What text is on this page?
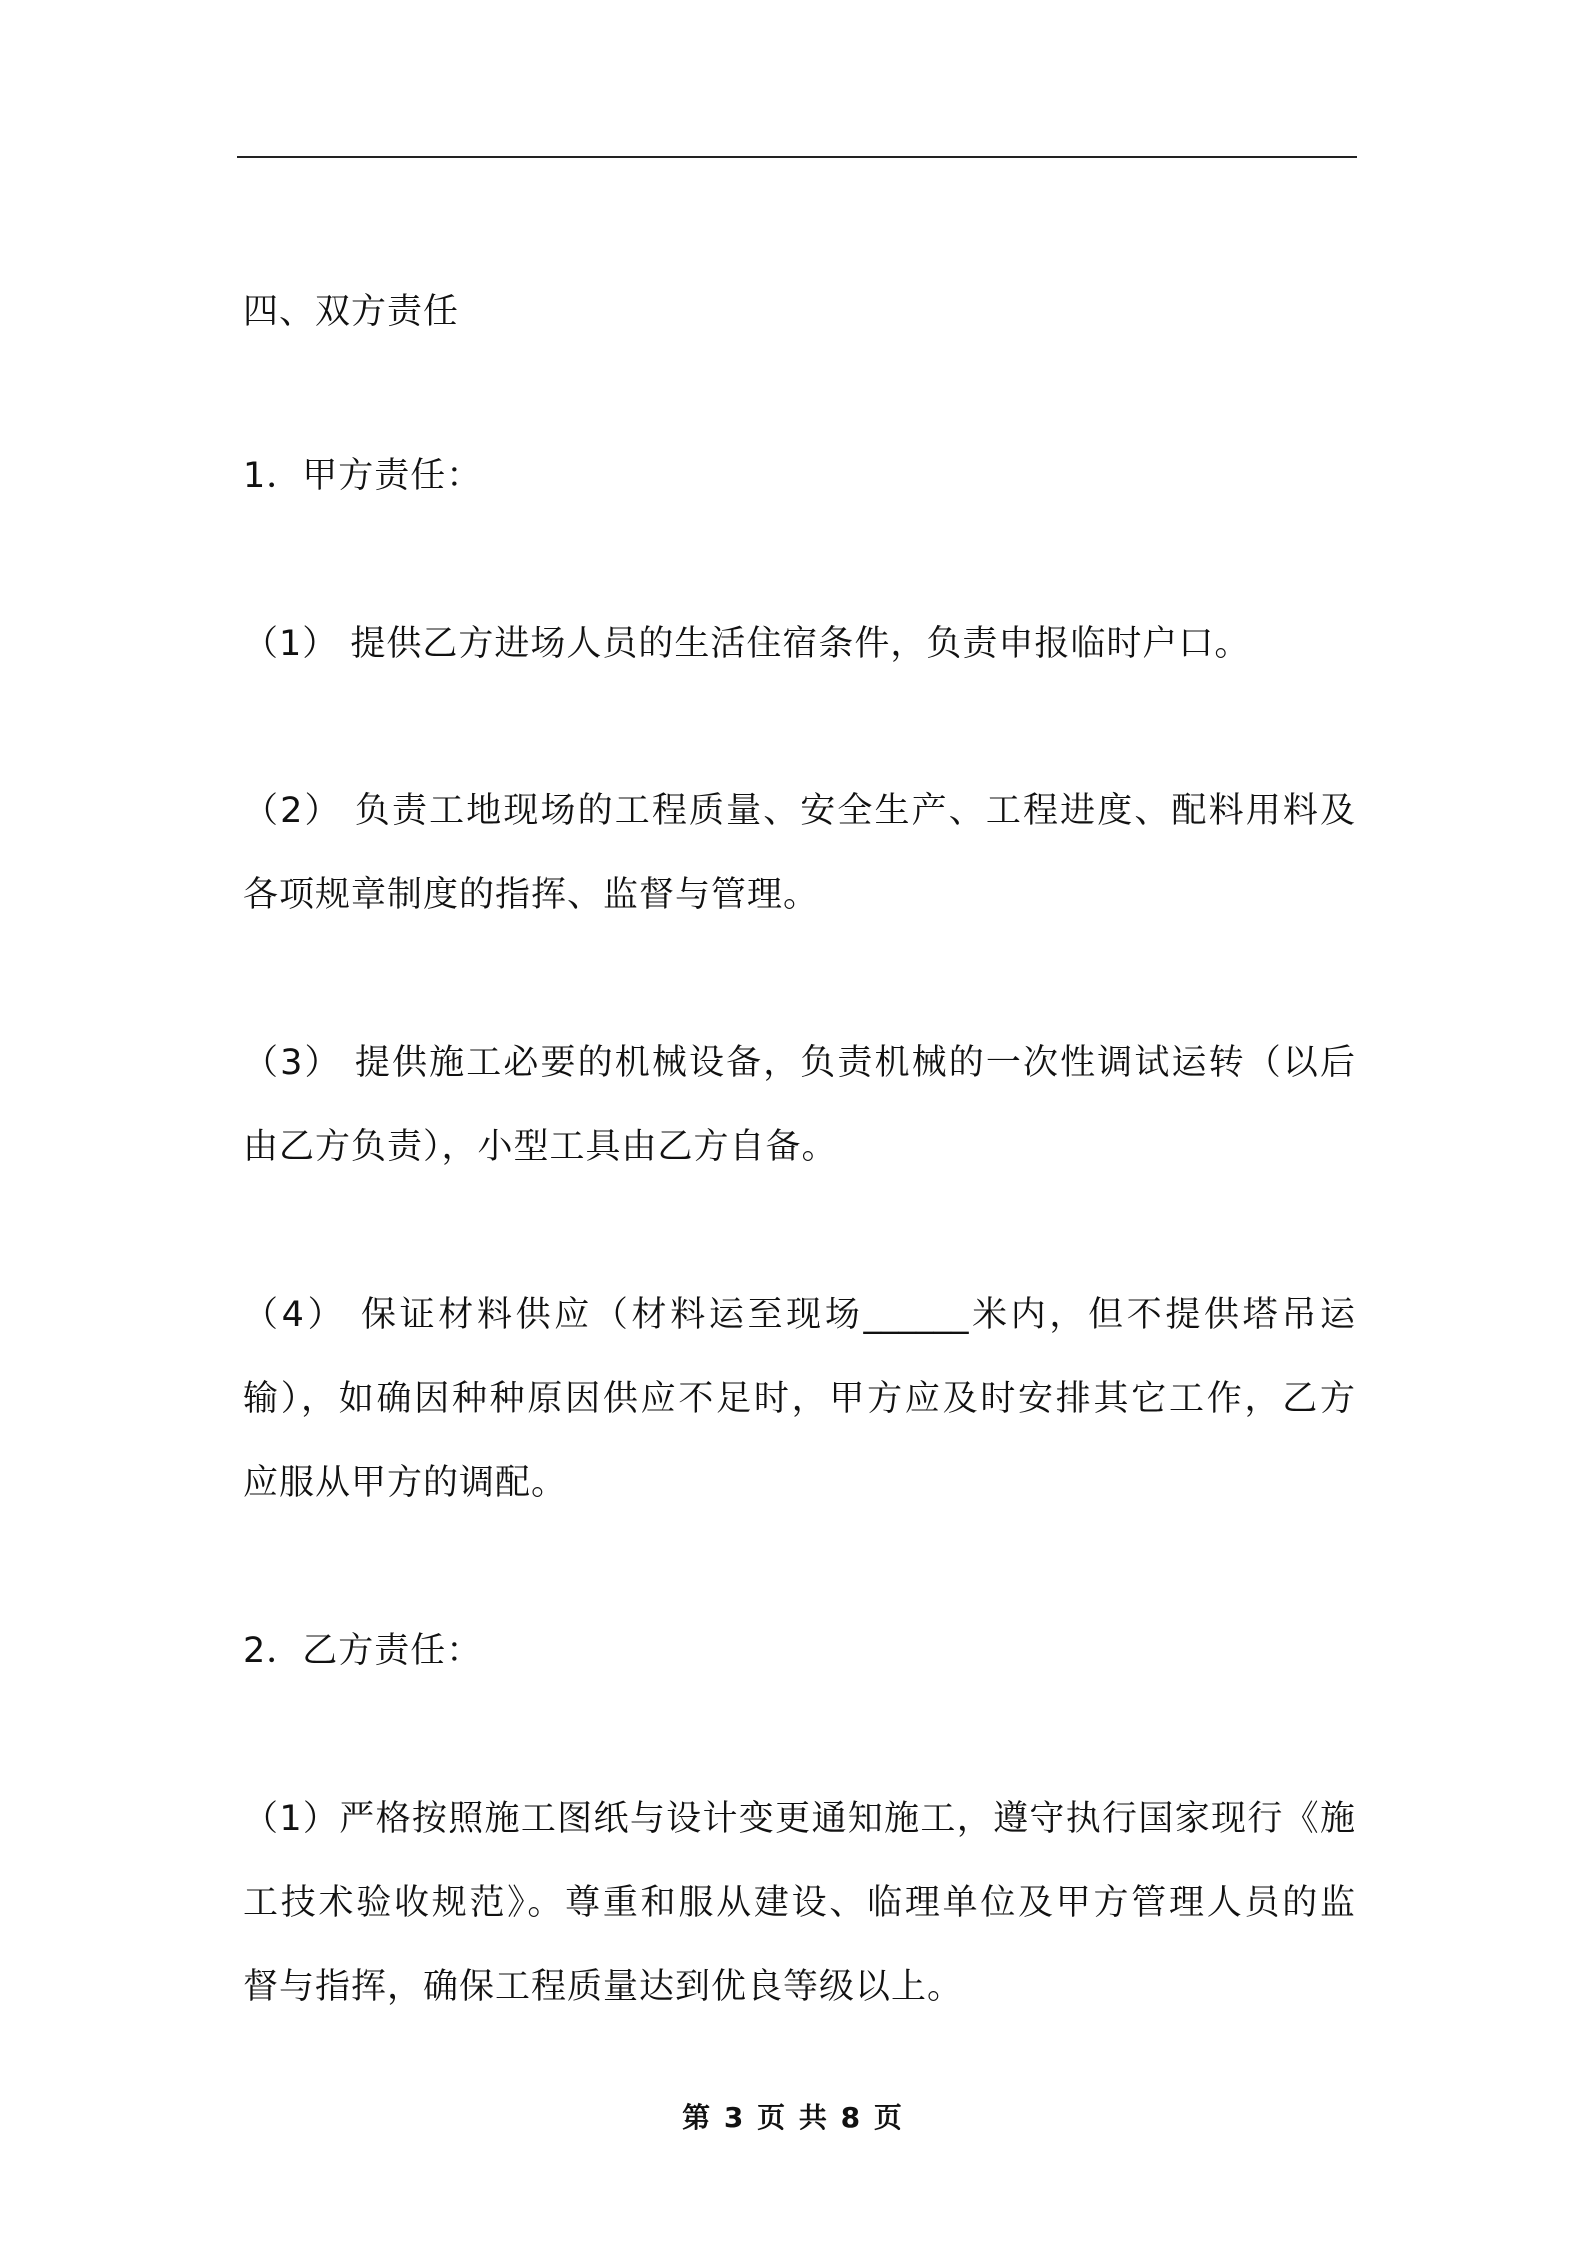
四、双方责任
1．甲方责任：
（1） 提供乙方进场人员的生活住宿条件，负责申报临时户口。
（2） 负责工地现场的工程质量、安全生产、工程进度、配料用料及
各项规章制度的指挥、监督与管理。
（3） 提供施工必要的机械设备，负责机械的一次性调试运转（以后
由乙方负责），小型工具由乙方自备。
（4） 保证材料供应（材料运至现场______米内，但不提供塔吊运
输），如确因种种原因供应不足时，甲方应及时安排其它工作，乙方
应服从甲方的调配。
2．乙方责任：
（1）严格按照施工图纸与设计变更通知施工，遵守执行国家现行《施
工技术验收规范》。尊重和服从建设、临理单位及甲方管理人员的监
督与指挥，确保工程质量达到优良等级以上。
第 3 页 共 8 页
